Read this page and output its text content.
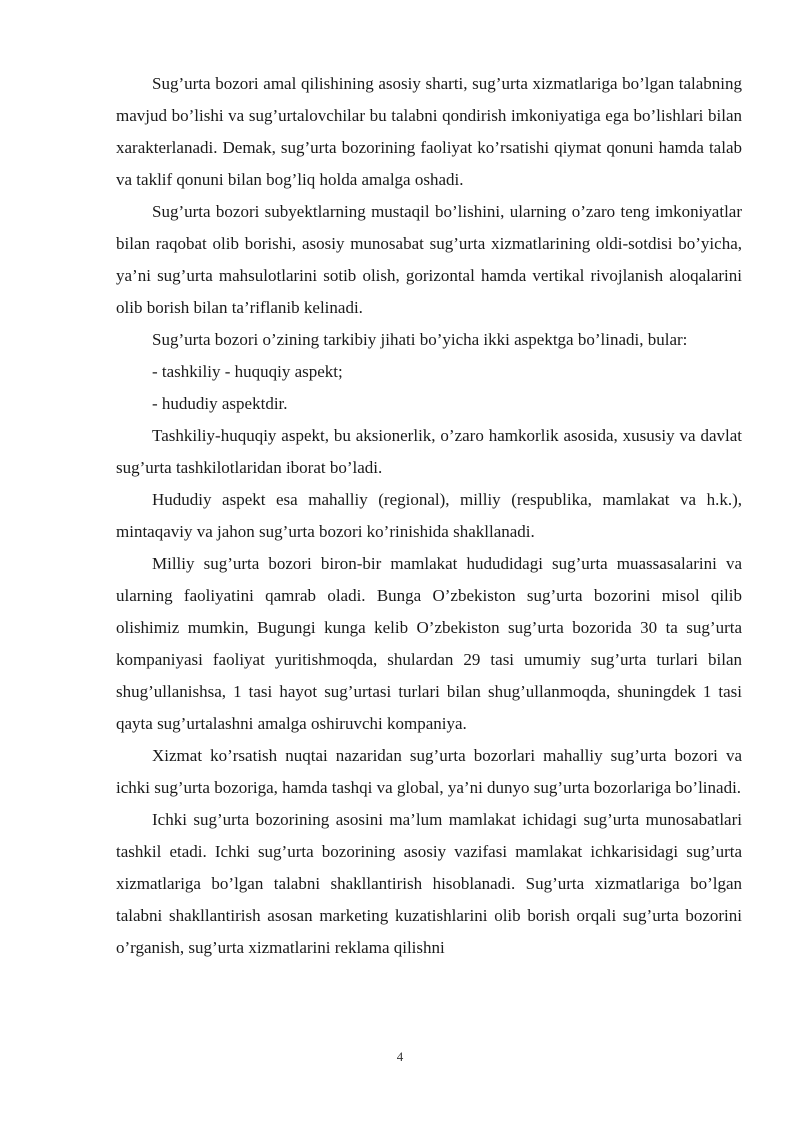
Sug’urta bozori amal qilishining asosiy sharti, sug’urta xizmatlariga bo’lgan talabning mavjud bo’lishi va sug’urtalovchilar bu talabni qondirish imkoniyatiga ega bo’lishlari bilan xarakterlanadi. Demak, sug’urta bozorining faoliyat ko’rsatishi qiymat qonuni hamda talab va taklif qonuni bilan bog’liq holda amalga oshadi.

Sug’urta bozori subyektlarning mustaqil bo’lishini, ularning o’zaro teng imkoniyatlar bilan raqobat olib borishi, asosiy munosabat sug’urta xizmatlarining oldi-sotdisi bo’yicha, ya’ni sug’urta mahsulotlarini sotib olish, gorizontal hamda vertikal rivojlanish aloqalarini olib borish bilan ta’riflanib kelinadi.

Sug’urta bozori o’zining tarkibiy jihati bo’yicha ikki aspektga bo’linadi, bular:

- tashkiliy - huquqiy aspekt;

- hududiy aspektdir.

Tashkiliy-huquqiy aspekt, bu aksionerlik, o’zaro hamkorlik asosida, xususiy va davlat sug’urta tashkilotlaridan iborat bo’ladi.

Hududiy aspekt esa mahalliy (regional), milliy (respublika, mamlakat va h.k.), mintaqaviy va jahon sug’urta bozori ko’rinishida shakllanadi.

Milliy sug’urta bozori biron-bir mamlakat hududidagi sug’urta muassasalarini va ularning faoliyatini qamrab oladi. Bunga O’zbekiston sug’urta bozorini misol qilib olishimiz mumkin, Bugungi kunga kelib O’zbekiston sug’urta bozorida 30 ta sug’urta kompaniyasi faoliyat yuritishmoqda, shulardan 29 tasi umumiy sug’urta turlari bilan shug’ullanishsa, 1 tasi hayot sug’urtasi turlari bilan shug’ullanmoqda, shuningdek 1 tasi qayta sug’urtalashni amalga oshiruvchi kompaniya.

Xizmat ko’rsatish nuqtai nazaridan sug’urta bozorlari mahalliy sug’urta bozori va ichki sug’urta bozoriga, hamda tashqi va global, ya’ni dunyo sug’urta bozorlariga bo’linadi.

Ichki sug’urta bozorining asosini ma’lum mamlakat ichidagi sug’urta munosabatlari tashkil etadi. Ichki sug’urta bozorining asosiy vazifasi mamlakat ichkarisidagi sug’urta xizmatlariga bo’lgan talabni shakllantirish hisoblanadi. Sug’urta xizmatlariga bo’lgan talabni shakllantirish asosan marketing kuzatishlarini olib borish orqali sug’urta bozorini o’rganish, sug’urta xizmatlarini reklama qilishni

4
